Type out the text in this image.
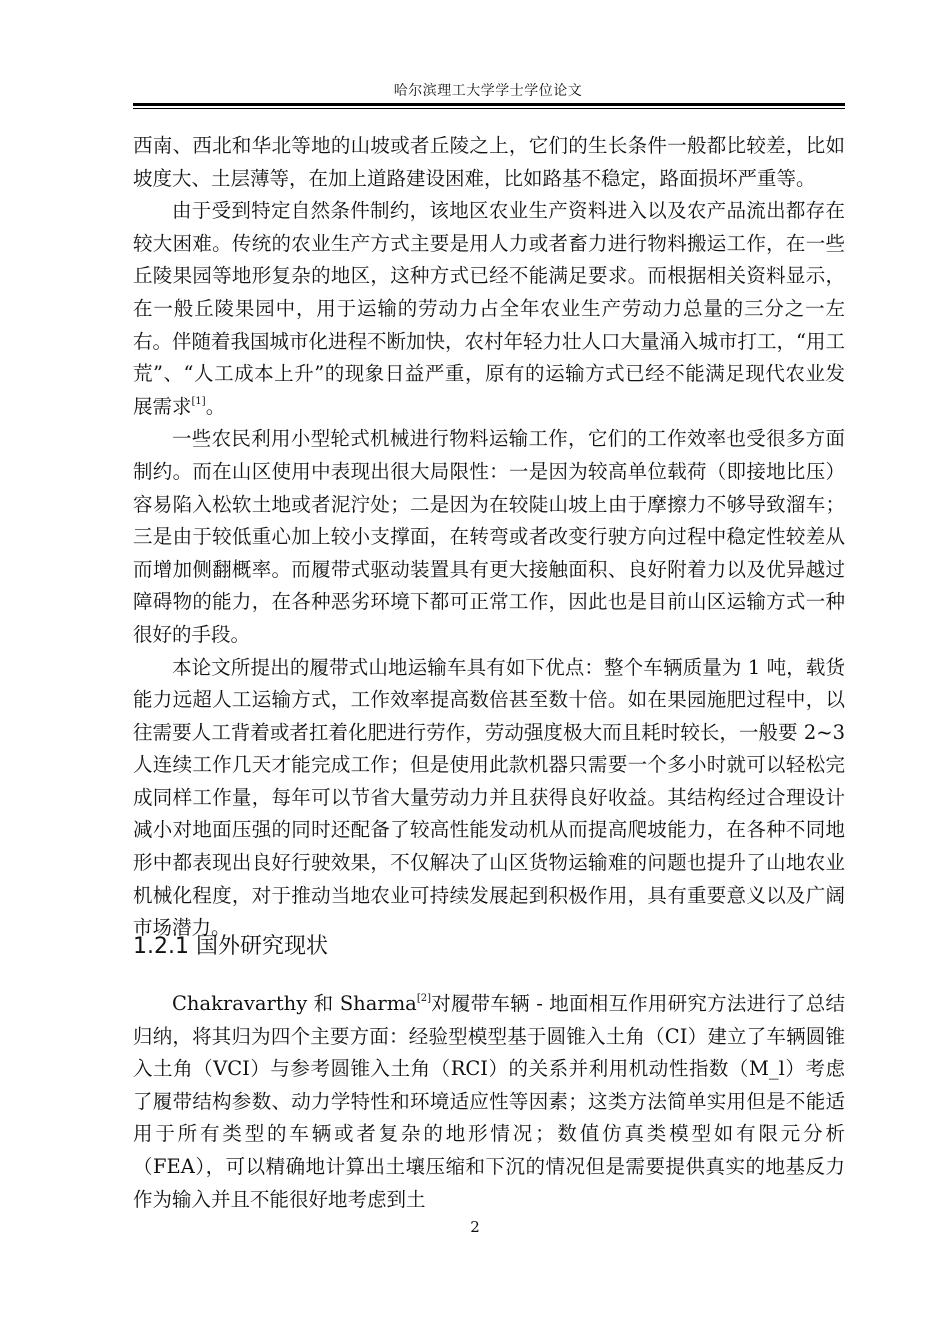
哈尔滨理工大学学士学位论文

西南、西北和华北等地的山坡或者丘陵之上，它们的生长条件一般都比较差，比如坡度大、土层薄等，在加上道路建设困难，比如路基不稳定，路面损坏严重等。

由于受到特定自然条件制约，该地区农业生产资料进入以及农产品流出都存在较大困难。传统的农业生产方式主要是用人力或者畜力进行物料搬运工作，在一些丘陵果园等地形复杂的地区，这种方式已经不能满足要求。而根据相关资料显示，在一般丘陵果园中，用于运输的劳动力占全年农业生产劳动力总量的三分之一左右。伴随着我国城市化进程不断加快，农村年轻力壮人口大量涌入城市打工，“用工荒”、“人工成本上升”的现象日益严重，原有的运输方式已经不能满足现代农业发展需求[1]。

一些农民利用小型轮式机械进行物料运输工作，它们的工作效率也受很多方面制约。而在山区使用中表现出很大局限性：一是因为较高单位载荷（即接地比压）容易陷入松软土地或者泥泞处；二是因为在较陡山坡上由于摩擦力不够导致溜车；三是由于较低重心加上较小支撑面，在转弯或者改变行驶方向过程中稳定性较差从而增加侧翻概率。而履带式驱动装置具有更大接触面积、良好附着力以及优异越过障碍物的能力，在各种恶劣环境下都可正常工作，因此也是目前山区运输方式一种很好的手段。

本论文所提出的履带式山地运输车具有如下优点：整个车辆质量为 1 吨，载货能力远超人工运输方式，工作效率提高数倍甚至数十倍。如在果园施肥过程中，以往需要人工背着或者扛着化肥进行劳作，劳动强度极大而且耗时较长，一般要 2~3 人连续工作几天才能完成工作；但是使用此款机器只需要一个多小时就可以轻松完成同样工作量，每年可以节省大量劳动力并且获得良好收益。其结构经过合理设计减小对地面压强的同时还配备了较高性能发动机从而提高爬坡能力，在各种不同地形中都表现出良好行驶效果，不仅解决了山区货物运输难的问题也提升了山地农业机械化程度，对于推动当地农业可持续发展起到积极作用，具有重要意义以及广阔市场潜力。

1.2.1 国外研究现状

Chakravarthy 和 Sharma[2]对履带车辆 - 地面相互作用研究方法进行了总结归纳，将其归为四个主要方面：经验型模型基于圆锥入土角（CI）建立了车辆圆锥入土角（VCI）与参考圆锥入土角（RCI）的关系并利用机动性指数（M_l）考虑了履带结构参数、动力学特性和环境适应性等因素；这类方法简单实用但是不能适用于所有类型的车辆或者复杂的地形情况；数值仿真类模型如有限元分析（FEA），可以精确地计算出土壤压缩和下沉的情况但是需要提供真实的地基反力作为输入并且不能很好地考虑到土

2
